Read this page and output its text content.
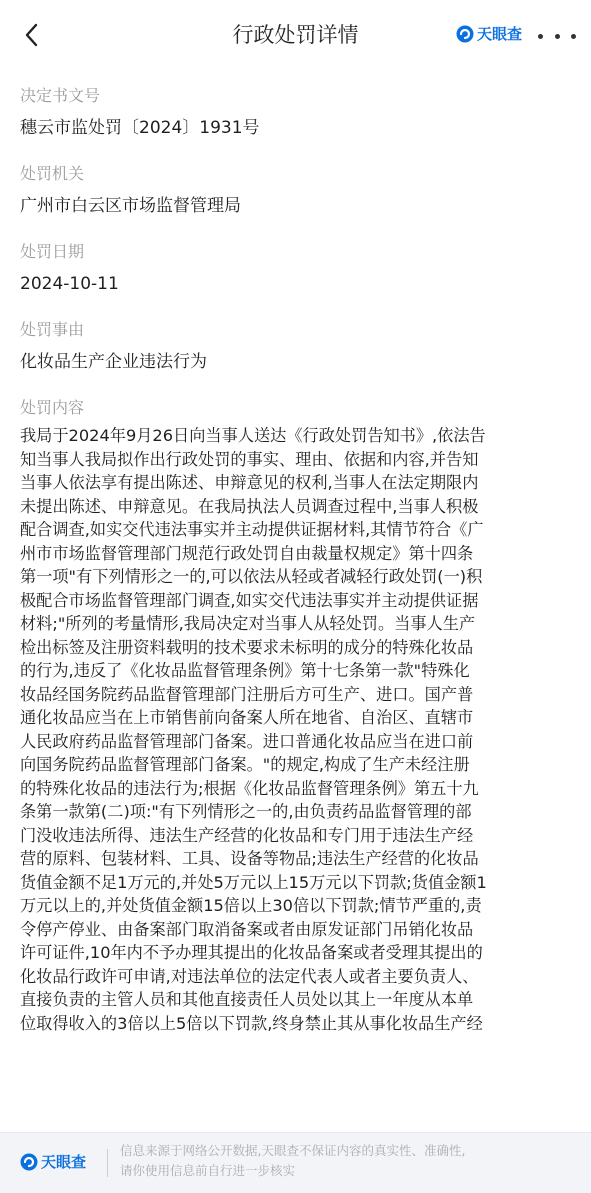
行政处罚详情	天眼查
决定书文号
穗云市监处罚〔2024〕1931号
处罚机关
广州市白云区市场监督管理局
处罚日期
2024-10-11
处罚事由
化妆品生产企业违法行为
处罚内容
我局于2024年9月26日向当事人送达《行政处罚告知书》,依法告
知当事人我局拟作出行政处罚的事实、理由、依据和内容,并告知
当事人依法享有提出陈述、申辩意见的权利,当事人在法定期限内
未提出陈述、申辩意见。在我局执法人员调查过程中,当事人积极
配合调查,如实交代违法事实并主动提供证据材料,其情节符合《广
州市市场监督管理部门规范行政处罚自由裁量权规定》第十四条
第一项"有下列情形之一的,可以依法从轻或者减轻行政处罚(一)积
极配合市场监督管理部门调查,如实交代违法事实并主动提供证据
材料;"所列的考量情形,我局决定对当事人从轻处罚。当事人生产
检出标签及注册资料载明的技术要求未标明的成分的特殊化妆品
的行为,违反了《化妆品监督管理条例》第十七条第一款"特殊化
妆品经国务院药品监督管理部门注册后方可生产、进口。国产普
通化妆品应当在上市销售前向备案人所在地省、自治区、直辖市
人民政府药品监督管理部门备案。进口普通化妆品应当在进口前
向国务院药品监督管理部门备案。"的规定,构成了生产未经注册
的特殊化妆品的违法行为;根据《化妆品监督管理条例》第五十九
条第一款第(二)项:"有下列情形之一的,由负责药品监督管理的部
门没收违法所得、违法生产经营的化妆品和专门用于违法生产经
营的原料、包装材料、工具、设备等物品;违法生产经营的化妆品
货值金额不足1万元的,并处5万元以上15万元以下罚款;货值金额1
万元以上的,并处货值金额15倍以上30倍以下罚款;情节严重的,责
令停产停业、由备案部门取消备案或者由原发证部门吊销化妆品
许可证件,10年内不予办理其提出的化妆品备案或者受理其提出的
化妆品行政许可申请,对违法单位的法定代表人或者主要负责人、
直接负责的主管人员和其他直接责任人员处以其上一年度从本单
位取得收入的3倍以上5倍以下罚款,终身禁止其从事化妆品生产经
天眼查
信息来源于网络公开数据,天眼查不保证内容的真实性、准确性,
请你使用信息前自行进一步核实
